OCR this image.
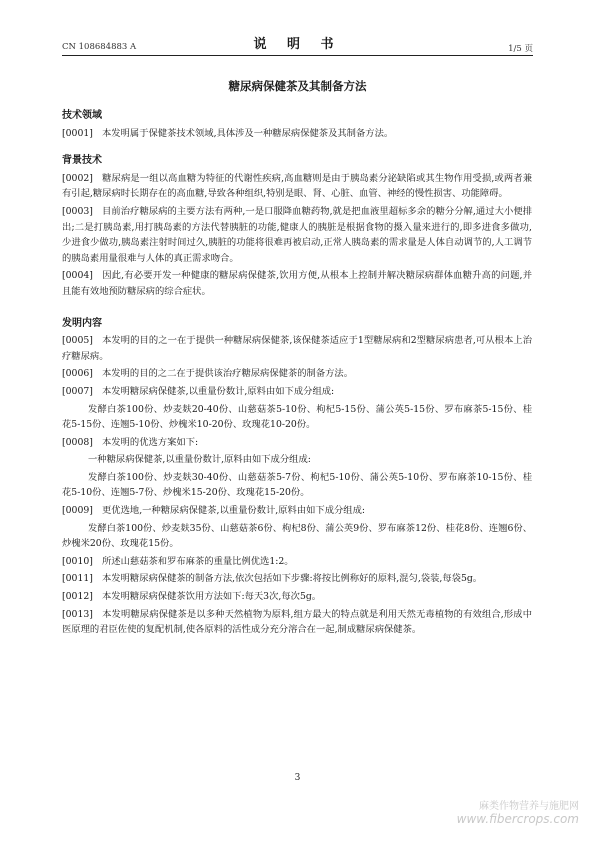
CN 108684883 A	说 明 书	1/5 页
糖尿病保健茶及其制备方法
技术领域

[0001] 本发明属于保健茶技术领域,具体涉及一种糖尿病保健茶及其制备方法。

背景技术

[0002] 糖尿病是一组以高血糖为特征的代谢性疾病,高血糖则是由于胰岛素分泌缺陷或其生物作用受损,或两者兼有引起,糖尿病时长期存在的高血糖,导致各种组织,特别是眼、肾、心脏、血管、神经的慢性损害、功能障碍。

[0003] 目前治疗糖尿病的主要方法有两种,一是口服降血糖药物,就是把血液里超标多余的糖分分解,通过大小便排出;二是打胰岛素,用打胰岛素的方法代替胰脏的功能,健康人的胰脏是根据食物的摄入量来进行的,即多进食多做功,少进食少做功,胰岛素注射时间过久,胰脏的功能将很难再被启动,正常人胰岛素的需求量是人体自动调节的,人工调节的胰岛素用量很难与人体的真正需求吻合。

[0004] 因此,有必要开发一种健康的糖尿病保健茶,饮用方便,从根本上控制并解决糖尿病群体血糖升高的问题,并且能有效地预防糖尿病的综合症状。

发明内容

[0005] 本发明的目的之一在于提供一种糖尿病保健茶,该保健茶适应于1型糖尿病和2型糖尿病患者,可从根本上治疗糖尿病。

[0006] 本发明的目的之二在于提供该治疗糖尿病保健茶的制备方法。

[0007] 本发明糖尿病保健茶,以重量份数计,原料由如下成分组成:

发酵白茶100份、炒麦麸20-40份、山慈菇茶5-10份、枸杞5-15份、蒲公英5-15份、罗布麻茶5-15份、桂花5-15份、连翘5-10份、炒槐米10-20份、玫瑰花10-20份。

[0008] 本发明的优选方案如下:

一种糖尿病保健茶,以重量份数计,原料由如下成分组成:

发酵白茶100份、炒麦麸30-40份、山慈菇茶5-7份、枸杞5-10份、蒲公英5-10份、罗布麻茶10-15份、桂花5-10份、连翘5-7份、炒槐米15-20份、玫瑰花15-20份。

[0009] 更优选地,一种糖尿病保健茶,以重量份数计,原料由如下成分组成:

发酵白茶100份、炒麦麸35份、山慈菇茶6份、枸杞8份、蒲公英9份、罗布麻茶12份、桂花8份、连翘6份、炒槐米20份、玫瑰花15份。

[0010] 所述山慈菇茶和罗布麻茶的重量比例优选1:2。

[0011] 本发明糖尿病保健茶的制备方法,依次包括如下步骤:将按比例称好的原料,混匀,袋装,每袋5g。

[0012] 本发明糖尿病保健茶饮用方法如下:每天3次,每次5g。

[0013] 本发明糖尿病保健茶是以多种天然植物为原料,组方最大的特点就是利用天然无毒植物的有效组合,形成中医原理的君臣佐使的复配机制,使各原料的活性成分充分溶合在一起,制成糖尿病保健茶。

3
麻类作物营养与施肥网
www.fibercrops.com
